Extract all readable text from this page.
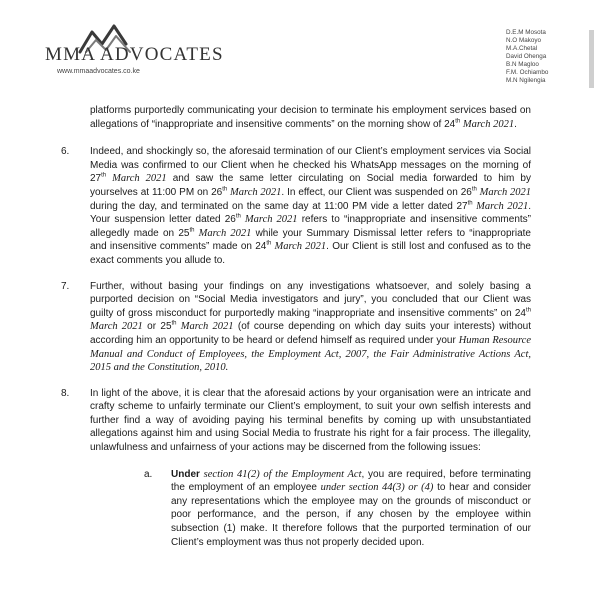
MMA ADVOCATES
www.mmaadvocates.co.ke
D.E.M Mosota
N.O Makoyo
M.A.Chetal
David Ohenga
B.N Magloo
F.M. Ochiambo
M.N Ngilengia

platforms purportedly communicating your decision to terminate his employment services based on allegations of “inappropriate and insensitive comments” on the morning show of 24th March 2021.

6. Indeed, and shockingly so, the aforesaid termination of our Client’s employment services via Social Media was confirmed to our Client when he checked his WhatsApp messages on the morning of 27th March 2021 and saw the same letter circulating on Social media forwarded to him by yourselves at 11:00 PM on 26th March 2021. In effect, our Client was suspended on 26th March 2021 during the day, and terminated on the same day at 11:00 PM vide a letter dated 27th March 2021. Your suspension letter dated 26th March 2021 refers to “inappropriate and insensitive comments” allegedly made on 25th March 2021 while your Summary Dismissal letter refers to “inappropriate and insensitive comments” made on 24th March 2021. Our Client is still lost and confused as to the exact comments you allude to.
7. Further, without basing your findings on any investigations whatsoever, and solely basing a purported decision on “Social Media investigators and jury”, you concluded that our Client was guilty of gross misconduct for purportedly making “inappropriate and insensitive comments” on 24th March 2021 or 25th March 2021 (of course depending on which day suits your interests) without according him an opportunity to be heard or defend himself as required under your Human Resource Manual and Conduct of Employees, the Employment Act, 2007, the Fair Administrative Actions Act, 2015 and the Constitution, 2010.
8. In light of the above, it is clear that the aforesaid actions by your organisation were an intricate and crafty scheme to unfairly terminate our Client’s employment, to suit your own selfish interests and further find a way of avoiding paying his terminal benefits by coming up with unsubstantiated allegations against him and using Social Media to frustrate his right for a fair process. The illegality, unlawfulness and unfairness of your actions may be discerned from the following issues:
a. Under section 41(2) of the Employment Act, you are required, before terminating the employment of an employee under section 44(3) or (4) to hear and consider any representations which the employee may on the grounds of misconduct or poor performance, and the person, if any chosen by the employee within subsection (1) make. It therefore follows that the purported termination of our Client’s employment was thus not properly decided upon.
